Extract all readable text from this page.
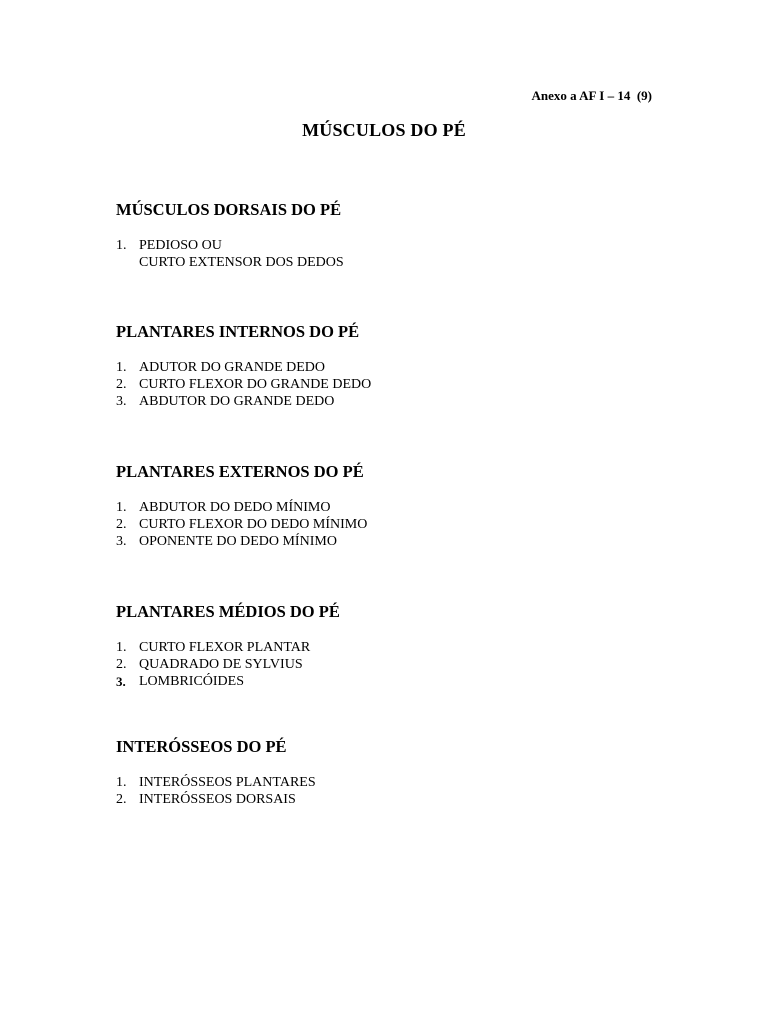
Anexo a AF I – 14  (9)
MÚSCULOS DO PÉ
MÚSCULOS DORSAIS DO PÉ
1. PEDIOSO OU
CURTO EXTENSOR DOS DEDOS
PLANTARES INTERNOS DO PÉ
1. ADUTOR DO GRANDE DEDO
2. CURTO FLEXOR DO GRANDE DEDO
3. ABDUTOR DO GRANDE DEDO
PLANTARES EXTERNOS DO PÉ
1. ABDUTOR DO DEDO MÍNIMO
2. CURTO FLEXOR DO DEDO MÍNIMO
3. OPONENTE DO DEDO MÍNIMO
PLANTARES MÉDIOS DO PÉ
1. CURTO FLEXOR PLANTAR
2. QUADRADO DE SYLVIUS
3. LOMBRICÓIDES
INTERÓSSEOS DO PÉ
1. INTERÓSSEOS PLANTARES
2. INTERÓSSEOS DORSAIS
